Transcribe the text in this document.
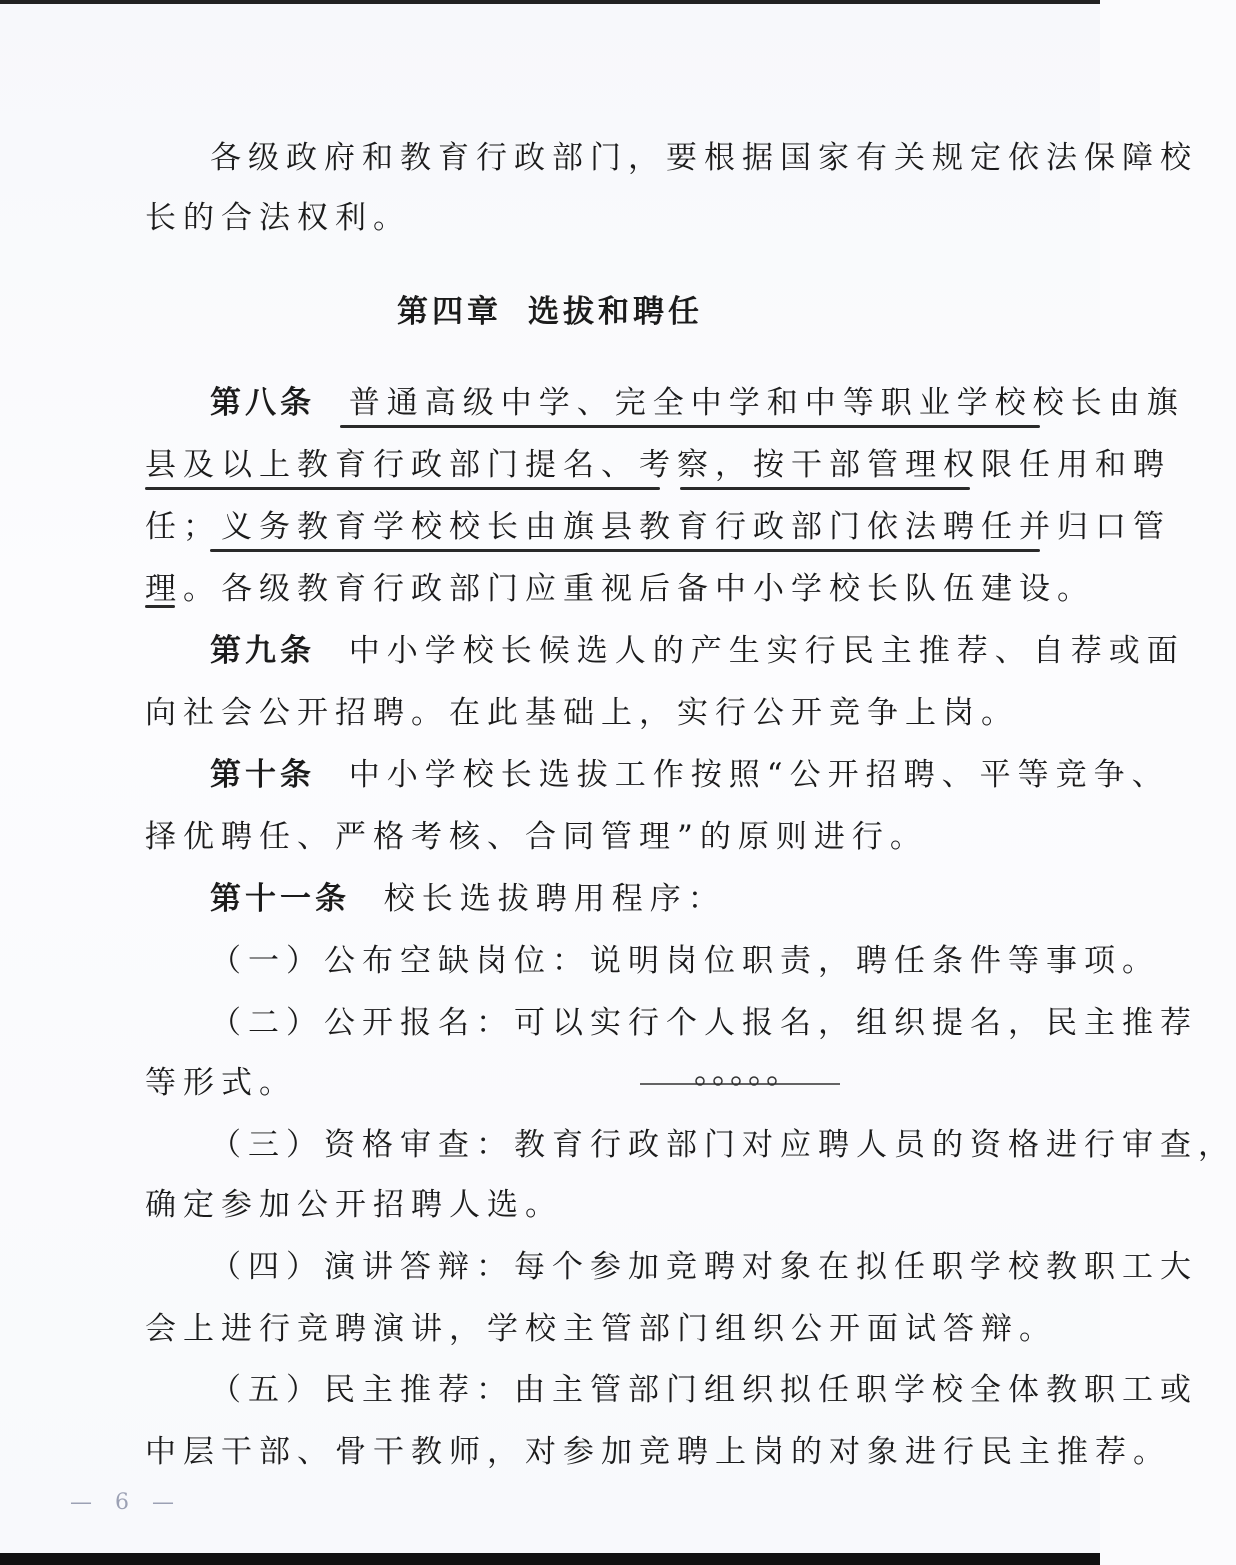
各级政府和教育行政部门，要根据国家有关规定依法保障校
长的合法权利。
第四章 选拔和聘任
第八条 普通高级中学、完全中学和中等职业学校校长由旗
县及以上教育行政部门提名、考察，按干部管理权限任用和聘
任；义务教育学校校长由旗县教育行政部门依法聘任并归口管
理。各级教育行政部门应重视后备中小学校长队伍建设。
第九条 中小学校长候选人的产生实行民主推荐、自荐或面
向社会公开招聘。在此基础上，实行公开竞争上岗。
第十条 中小学校长选拔工作按照“公开招聘、平等竞争、
择优聘任、严格考核、合同管理”的原则进行。
第十一条 校长选拔聘用程序：
（一）公布空缺岗位：说明岗位职责，聘任条件等事项。
（二）公开报名：可以实行个人报名，组织提名，民主推荐
等形式。
（三）资格审查：教育行政部门对应聘人员的资格进行审查，
确定参加公开招聘人选。
（四）演讲答辩：每个参加竞聘对象在拟任职学校教职工大
会上进行竞聘演讲，学校主管部门组织公开面试答辩。
（五）民主推荐：由主管部门组织拟任职学校全体教职工或
中层干部、骨干教师，对参加竞聘上岗的对象进行民主推荐。
— 6 —
